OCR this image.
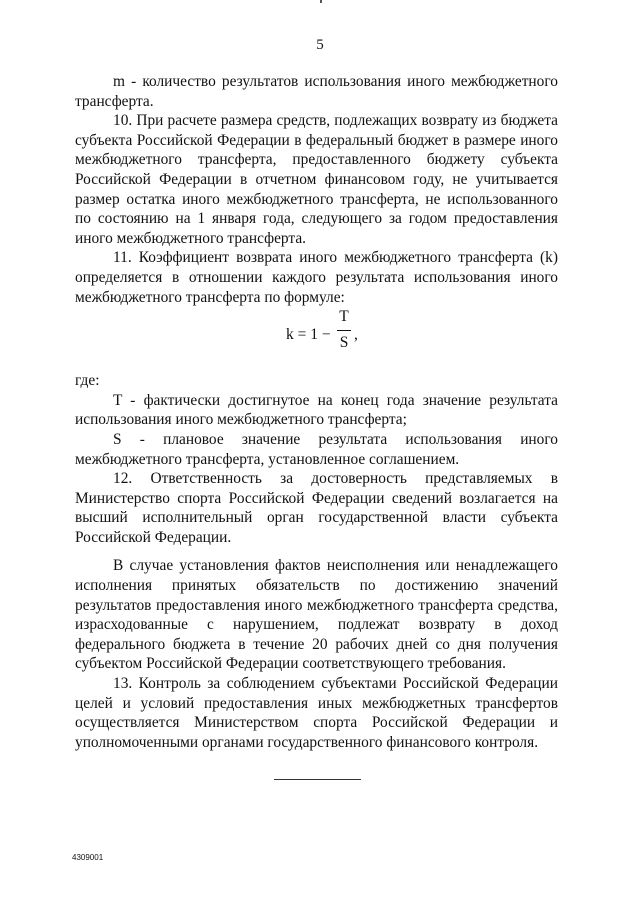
5

m - количество результатов использования иного межбюджетного трансферта.

10. При расчете размера средств, подлежащих возврату из бюджета субъекта Российской Федерации в федеральный бюджет в размере иного межбюджетного трансферта, предоставленного бюджету субъекта Российской Федерации в отчетном финансовом году, не учитывается размер остатка иного межбюджетного трансферта, не использованного по состоянию на 1 января года, следующего за годом предоставления иного межбюджетного трансферта.

11. Коэффициент возврата иного межбюджетного трансферта (k) определяется в отношении каждого результата использования иного межбюджетного трансферта по формуле:

k = 1 −
T
S ,

где:

T - фактически достигнутое на конец года значение результата использования иного межбюджетного трансферта;

S - плановое значение результата использования иного межбюджетного трансферта, установленное соглашением.

12. Ответственность за достоверность представляемых в Министерство спорта Российской Федерации сведений возлагается на высший исполнительный орган государственной власти субъекта Российской Федерации.

В случае установления фактов неисполнения или ненадлежащего исполнения принятых обязательств по достижению значений результатов предоставления иного межбюджетного трансферта средства, израсходованные с нарушением, подлежат возврату в доход федерального бюджета в течение 20 рабочих дней со дня получения субъектом Российской Федерации соответствующего требования.

13. Контроль за соблюдением субъектами Российской Федерации целей и условий предоставления иных межбюджетных трансфертов осуществляется Министерством спорта Российской Федерации и уполномоченными органами государственного финансового контроля.

4309001
